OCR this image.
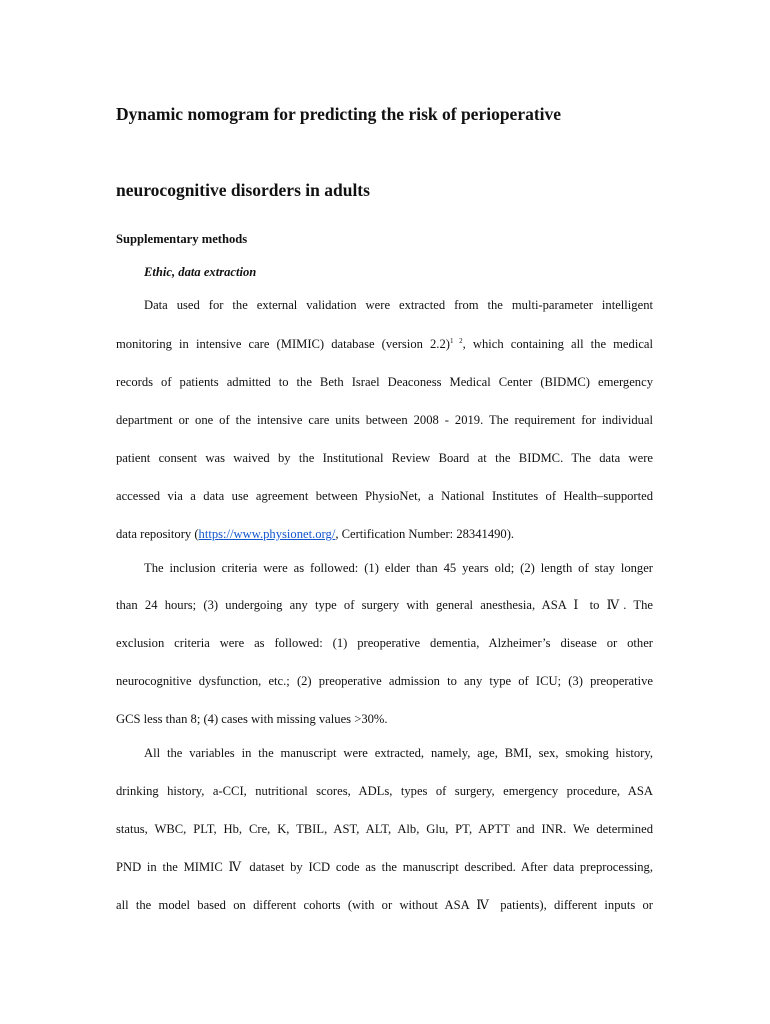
Dynamic nomogram for predicting the risk of perioperative
neurocognitive disorders in adults
Supplementary methods
Ethic, data extraction
Data used for the external validation were extracted from the multi-parameter intelligent
monitoring in intensive care (MIMIC) database (version 2.2)$^{1 2}$, which containing all the medical
records of patients admitted to the Beth Israel Deaconess Medical Center (BIDMC) emergency
department or one of the intensive care units between 2008 - 2019. The requirement for individual
patient consent was waived by the Institutional Review Board at the BIDMC. The data were
accessed via a data use agreement between PhysioNet, a National Institutes of Health–supported
data repository (https://www.physionet.org/, Certification Number: 28341490).
The inclusion criteria were as followed: (1) elder than 45 years old; (2) length of stay longer
than 24 hours; (3) undergoing any type of surgery with general anesthesia, ASA Ⅰ to Ⅳ. The
exclusion criteria were as followed: (1) preoperative dementia, Alzheimer’s disease or other
neurocognitive dysfunction, etc.; (2) preoperative admission to any type of ICU; (3) preoperative
GCS less than 8; (4) cases with missing values >30%.
All the variables in the manuscript were extracted, namely, age, BMI, sex, smoking history,
drinking history, a-CCI, nutritional scores, ADLs, types of surgery, emergency procedure, ASA
status, WBC, PLT, Hb, Cre, K, TBIL, AST, ALT, Alb, Glu, PT, APTT and INR. We determined
PND in the MIMIC Ⅳ dataset by ICD code as the manuscript described. After data preprocessing,
all the model based on different cohorts (with or without ASA Ⅳ patients), different inputs or
